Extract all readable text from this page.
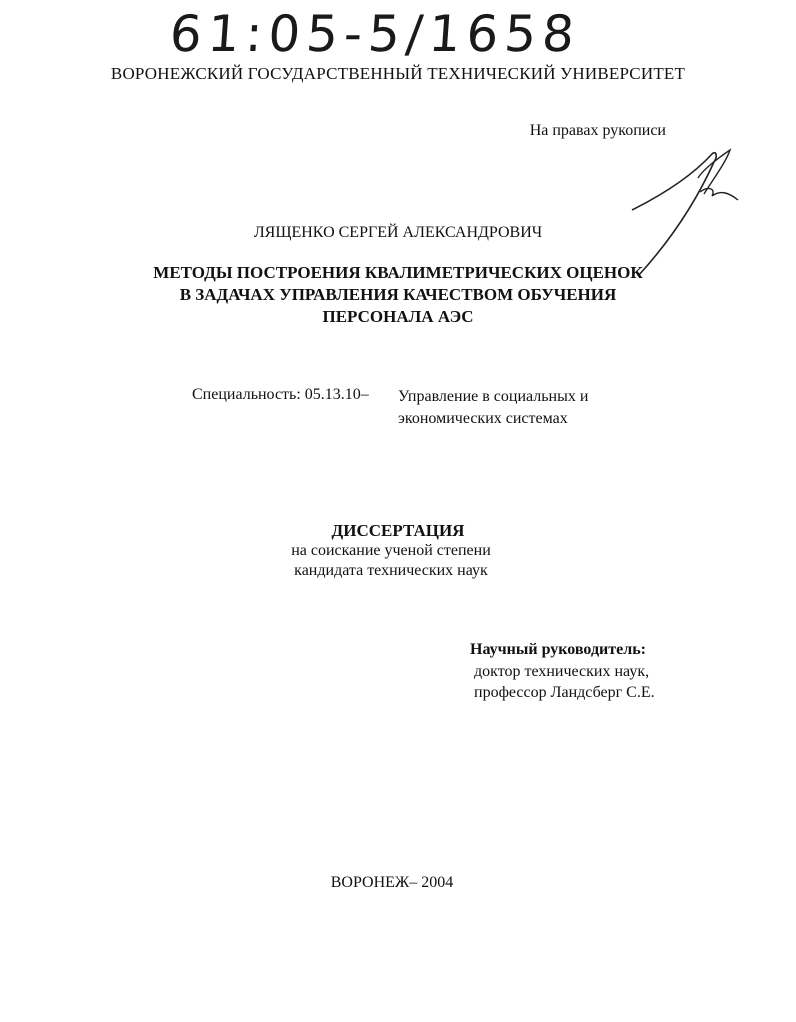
61:05-5/1658
ВОРОНЕЖСКИЙ ГОСУДАРСТВЕННЫЙ ТЕХНИЧЕСКИЙ УНИВЕРСИТЕТ
На правах рукописи
ЛЯЩЕНКО СЕРГЕЙ АЛЕКСАНДРОВИЧ
МЕТОДЫ ПОСТРОЕНИЯ КВАЛИМЕТРИЧЕСКИХ ОЦЕНОК
В ЗАДАЧАХ УПРАВЛЕНИЯ КАЧЕСТВОМ ОБУЧЕНИЯ
ПЕРСОНАЛА АЭС
Специальность: 05.13.10– Управление в социальных и
экономических системах
ДИССЕРТАЦИЯ
на соискание ученой степени
кандидата технических наук
Научный руководитель:
доктор технических наук,
профессор Ландсберг С.Е.
ВОРОНЕЖ– 2004
